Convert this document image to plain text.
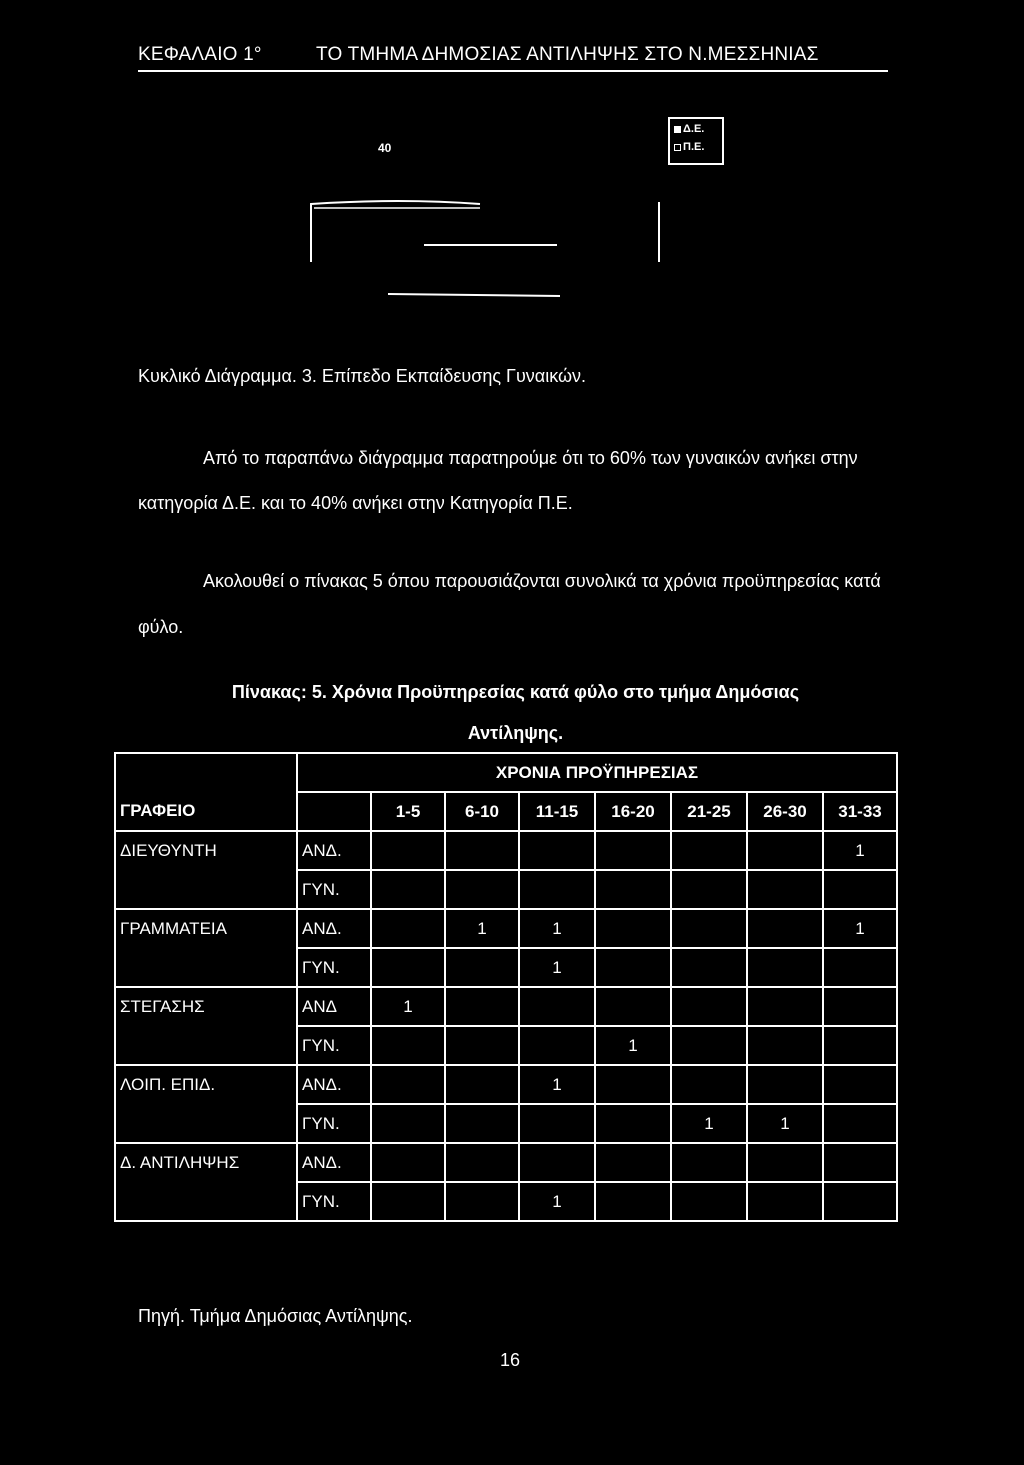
ΚΕΦΑΛΑΙΟ 1°	ΤΟ ΤΜΗΜΑ ΔΗΜΟΣΙΑΣ ΑΝΤΙΛΗΨΗΣ ΣΤΟ Ν.ΜΕΣΣΗΝΙΑΣ
40
Δ.Ε.
Π.Ε.
Κυκλικό Διάγραμμα. 3. Επίπεδο Εκπαίδευσης Γυναικών.
Από το παραπάνω διάγραμμα παρατηρούμε ότι το 60% των γυναικών ανήκει στην κατηγορία Δ.Ε. και το 40% ανήκει στην Κατηγορία Π.Ε.
Ακολουθεί ο πίνακας 5 όπου παρουσιάζονται συνολικά τα χρόνια προϋπηρεσίας κατά φύλο.
Πίνακας: 5. Χρόνια Προϋπηρεσίας κατά φύλο στο τμήμα Δημόσιας
Αντίληψης.
	ΧΡΟΝΙΑ ΠΡΟΫΠΗΡΕΣΙΑΣ							
ΓΡΑΦΕΙΟ		1-5	6-10	11-15	16-20	21-25	26-30	31-33
ΔΙΕΥΘΥΝΤΗ	ΑΝΔ.							1
	ΓΥΝ.							
ΓΡΑΜΜΑΤΕΙΑ	ΑΝΔ.		1	1				1
	ΓΥΝ.			1				
ΣΤΕΓΑΣΗΣ	ΑΝΔ	1						
	ΓΥΝ.				1			
ΛΟΙΠ. ΕΠΙΔ.	ΑΝΔ.			1				
	ΓΥΝ.					1	1	
Δ. ΑΝΤΙΛΗΨΗΣ	ΑΝΔ.							
	ΓΥΝ.			1				
Πηγή. Τμήμα Δημόσιας Αντίληψης.
16
